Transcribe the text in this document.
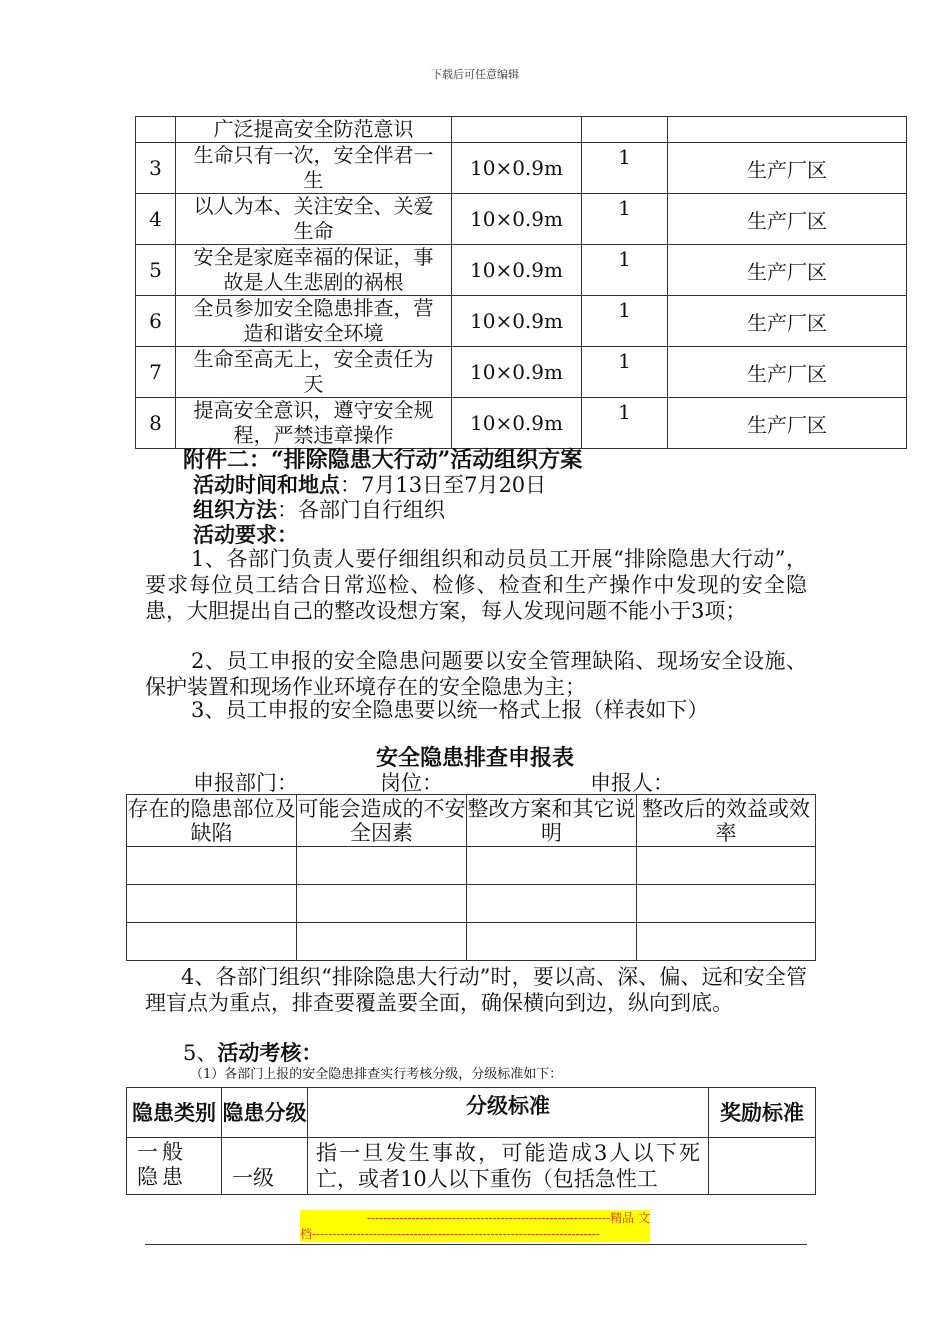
下载后可任意编辑
	广泛提高安全防范意识			
3	生命只有一次，安全伴君一生	10×0.9m	1	生产厂区
4	以人为本、关注安全、关爱生命	10×0.9m	1	生产厂区
5	安全是家庭幸福的保证，事故是人生悲剧的祸根	10×0.9m	1	生产厂区
6	全员参加安全隐患排查，营造和谐安全环境	10×0.9m	1	生产厂区
7	生命至高无上，安全责任为天	10×0.9m	1	生产厂区
8	提高安全意识，遵守安全规程，严禁违章操作	10×0.9m	1	生产厂区
附件二：“排除隐患大行动”活动组织方案
活动时间和地点：7月13日至7月20日
组织方法：各部门自行组织
活动要求：
1、各部门负责人要仔细组织和动员员工开展“排除隐患大行动”，要求每位员工结合日常巡检、检修、检查和生产操作中发现的安全隐患，大胆提出自己的整改设想方案，每人发现问题不能小于3项；
2、员工申报的安全隐患问题要以安全管理缺陷、现场安全设施、保护装置和现场作业环境存在的安全隐患为主；
3、员工申报的安全隐患要以统一格式上报（样表如下）
安全隐患排查申报表
申报部门：	岗位：	申报人：
存在的隐患部位及缺陷	可能会造成的不安全因素	整改方案和其它说明	整改后的效益或效率

4、各部门组织“排除隐患大行动”时，要以高、深、偏、远和安全管理盲点为重点，排查要覆盖要全面，确保横向到边，纵向到底。
5、活动考核：
（1）各部门上报的安全隐患排查实行考核分级，分级标准如下：
隐患类别	隐患分级	分级标准	奖励标准
一般隐患	一级	指一旦发生事故，可能造成3人以下死亡，或者10人以下重伤（包括急性工	
------------------------------------------------------------精品 文
档-----------------------------------------------------------------------
